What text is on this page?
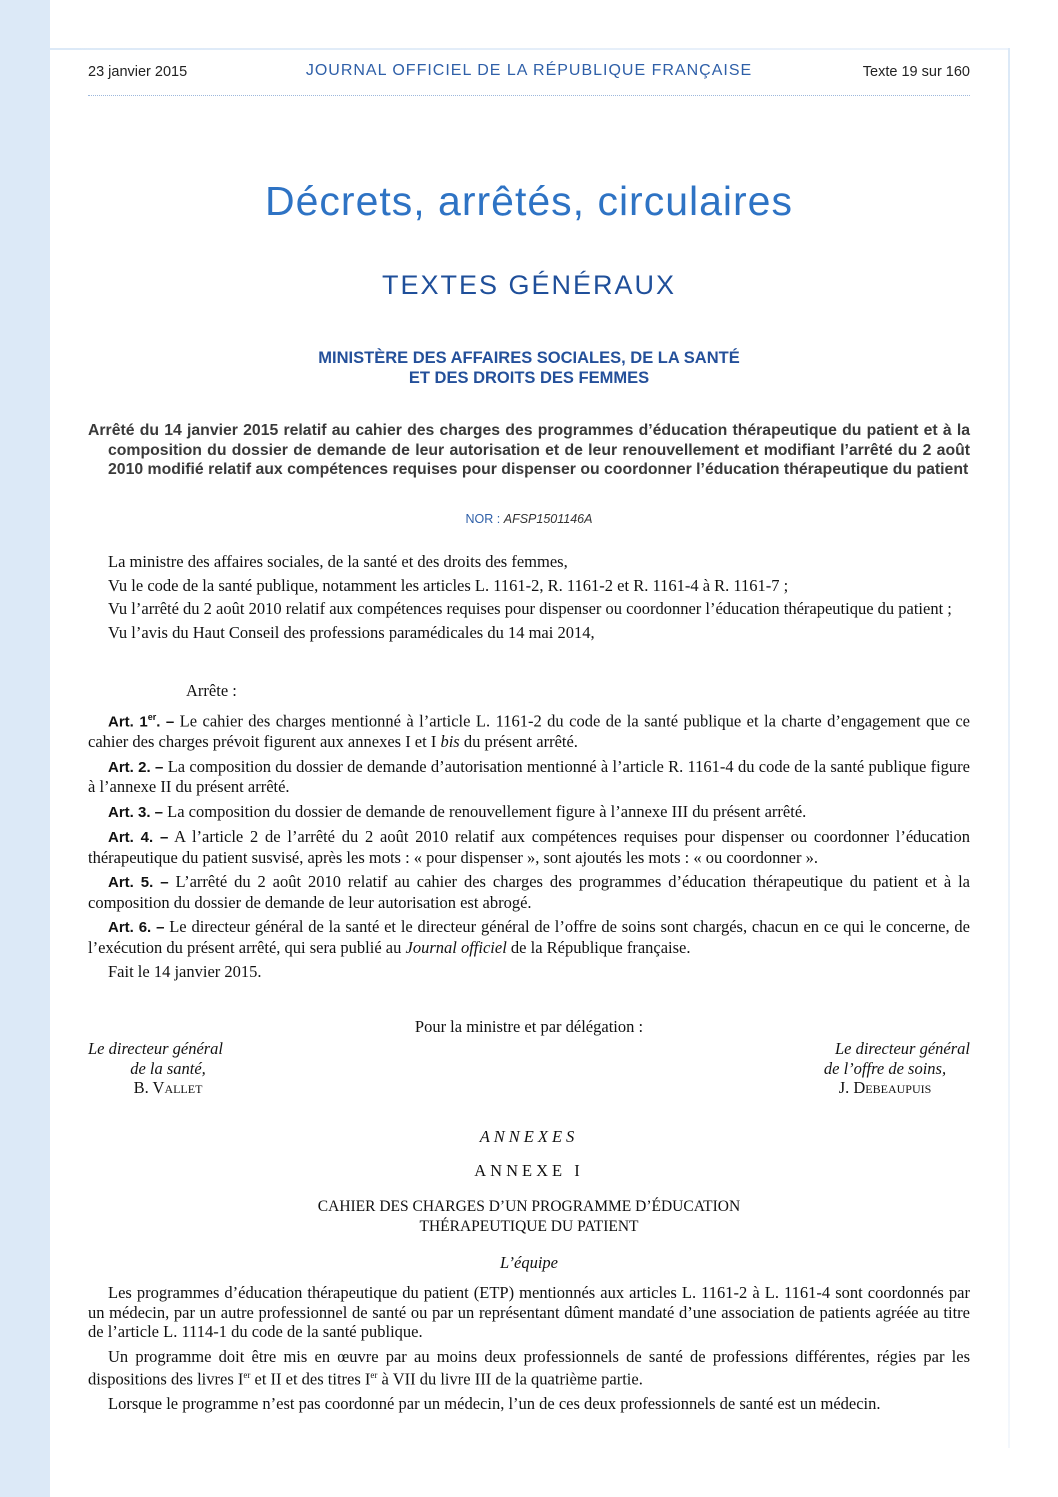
23 janvier 2015	JOURNAL OFFICIEL DE LA RÉPUBLIQUE FRANÇAISE	Texte 19 sur 160
Décrets, arrêtés, circulaires
TEXTES GÉNÉRAUX
MINISTÈRE DES AFFAIRES SOCIALES, DE LA SANTÉ
ET DES DROITS DES FEMMES
Arrêté du 14 janvier 2015 relatif au cahier des charges des programmes d’éducation thérapeutique du patient et à la composition du dossier de demande de leur autorisation et de leur renouvellement et modifiant l’arrêté du 2 août 2010 modifié relatif aux compétences requises pour dispenser ou coordonner l’éducation thérapeutique du patient
NOR : AFSP1501146A

La ministre des affaires sociales, de la santé et des droits des femmes,

Vu le code de la santé publique, notamment les articles L. 1161-2, R. 1161-2 et R. 1161-4 à R. 1161-7 ;

Vu l’arrêté du 2 août 2010 relatif aux compétences requises pour dispenser ou coordonner l’éducation thérapeutique du patient ;

Vu l’avis du Haut Conseil des professions paramédicales du 14 mai 2014,

Arrête :

Art. 1er. – Le cahier des charges mentionné à l’article L. 1161-2 du code de la santé publique et la charte d’engagement que ce cahier des charges prévoit figurent aux annexes I et I bis du présent arrêté.

Art. 2. – La composition du dossier de demande d’autorisation mentionné à l’article R. 1161-4 du code de la santé publique figure à l’annexe II du présent arrêté.

Art. 3. – La composition du dossier de demande de renouvellement figure à l’annexe III du présent arrêté.

Art. 4. – A l’article 2 de l’arrêté du 2 août 2010 relatif aux compétences requises pour dispenser ou coordonner l’éducation thérapeutique du patient susvisé, après les mots : « pour dispenser », sont ajoutés les mots : « ou coordonner ».

Art. 5. – L’arrêté du 2 août 2010 relatif au cahier des charges des programmes d’éducation thérapeutique du patient et à la composition du dossier de demande de leur autorisation est abrogé.

Art. 6. – Le directeur général de la santé et le directeur général de l’offre de soins sont chargés, chacun en ce qui le concerne, de l’exécution du présent arrêté, qui sera publié au Journal officiel de la République française.

Fait le 14 janvier 2015.

Pour la ministre et par délégation :
Le directeur général
de la santé,
B. Vallet
Le directeur général
de l’offre de soins,
J. Debeaupuis
ANNEXES
ANNEXE I
CAHIER DES CHARGES D’UN PROGRAMME D’ÉDUCATION
THÉRAPEUTIQUE DU PATIENT
L’équipe

Les programmes d’éducation thérapeutique du patient (ETP) mentionnés aux articles L. 1161-2 à L. 1161-4 sont coordonnés par un médecin, par un autre professionnel de santé ou par un représentant dûment mandaté d’une association de patients agréée au titre de l’article L. 1114-1 du code de la santé publique.

Un programme doit être mis en œuvre par au moins deux professionnels de santé de professions différentes, régies par les dispositions des livres Ier et II et des titres Ier à VII du livre III de la quatrième partie.

Lorsque le programme n’est pas coordonné par un médecin, l’un de ces deux professionnels de santé est un médecin.
